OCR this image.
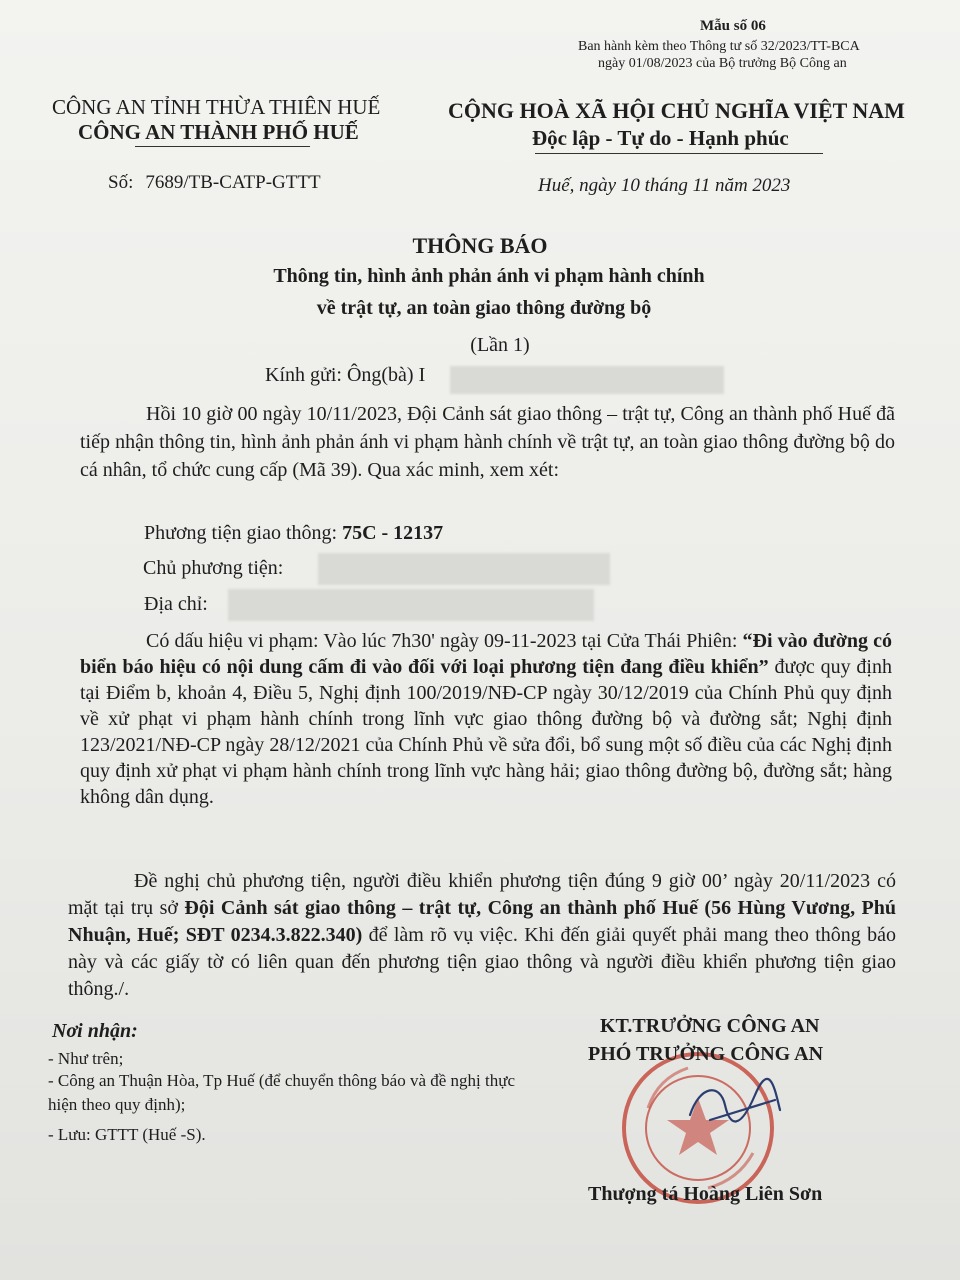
Mẫu số 06
Ban hành kèm theo Thông tư số 32/2023/TT-BCA
ngày 01/08/2023 của Bộ trưởng Bộ Công an
CÔNG AN TỈNH THỪA THIÊN HUẾ
CÔNG AN THÀNH PHỐ HUẾ
CỘNG HOÀ XÃ HỘI CHỦ NGHĨA VIỆT NAM
Độc lập - Tự do - Hạnh phúc
Số: 7689/TB-CATP-GTTT	Huế, ngày 10 tháng 11 năm 2023
THÔNG BÁO
Thông tin, hình ảnh phản ánh vi phạm hành chính
về trật tự, an toàn giao thông đường bộ
(Lần 1)
Kính gửi: Ông(bà) I
Hồi 10 giờ 00 ngày 10/11/2023, Đội Cảnh sát giao thông – trật tự, Công an thành phố Huế đã tiếp nhận thông tin, hình ảnh phản ánh vi phạm hành chính về trật tự, an toàn giao thông đường bộ do cá nhân, tổ chức cung cấp (Mã 39). Qua xác minh, xem xét:
Phương tiện giao thông: 75C - 12137
Chủ phương tiện:
Địa chỉ:
Có dấu hiệu vi phạm: Vào lúc 7h30' ngày 09-11-2023 tại Cửa Thái Phiên: “Đi vào đường có biển báo hiệu có nội dung cấm đi vào đối với loại phương tiện đang điều khiển” được quy định tại Điểm b, khoản 4, Điều 5, Nghị định 100/2019/NĐ-CP ngày 30/12/2019 của Chính Phủ quy định về xử phạt vi phạm hành chính trong lĩnh vực giao thông đường bộ và đường sắt; Nghị định 123/2021/NĐ-CP ngày 28/12/2021 của Chính Phủ về sửa đổi, bổ sung một số điều của các Nghị định quy định xử phạt vi phạm hành chính trong lĩnh vực hàng hải; giao thông đường bộ, đường sắt; hàng không dân dụng.
Đề nghị chủ phương tiện, người điều khiển phương tiện đúng 9 giờ 00’ ngày 20/11/2023 có mặt tại trụ sở Đội Cảnh sát giao thông – trật tự, Công an thành phố Huế (56 Hùng Vương, Phú Nhuận, Huế; SĐT 0234.3.822.340) để làm rõ vụ việc. Khi đến giải quyết phải mang theo thông báo này và các giấy tờ có liên quan đến phương tiện giao thông và người điều khiển phương tiện giao thông./.
Nơi nhận:
- Như trên;
- Công an Thuận Hòa, Tp Huế (để chuyển thông báo và đề nghị thực hiện theo quy định);
- Lưu: GTTT (Huế -S).
KT.TRƯỞNG CÔNG AN
PHÓ TRƯỞNG CÔNG AN
Thượng tá Hoàng Liên Sơn
